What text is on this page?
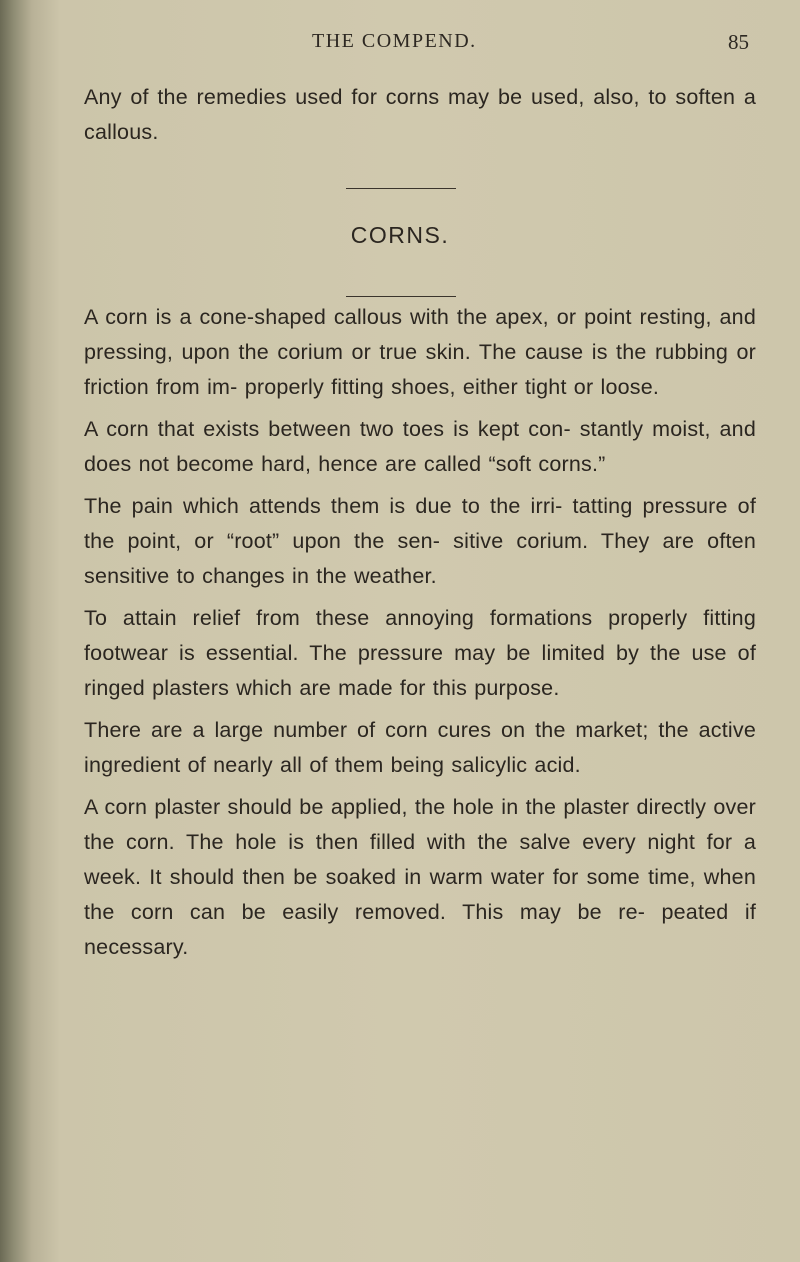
THE COMPEND.	85

Any of the remedies used for corns may be used, also, to soften a callous.

CORNS.

A corn is a cone-shaped callous with the apex, or point resting, and pressing, upon the corium or true skin. The cause is the rubbing or friction from im- properly fitting shoes, either tight or loose.

A corn that exists between two toes is kept con- stantly moist, and does not become hard, hence are called “soft corns.”

The pain which attends them is due to the irri- tatting pressure of the point, or “root” upon the sen- sitive corium. They are often sensitive to changes in the weather.

To attain relief from these annoying formations properly fitting footwear is essential. The pressure may be limited by the use of ringed plasters which are made for this purpose.

There are a large number of corn cures on the market; the active ingredient of nearly all of them being salicylic acid.

A corn plaster should be applied, the hole in the plaster directly over the corn. The hole is then filled with the salve every night for a week. It should then be soaked in warm water for some time, when the corn can be easily removed. This may be re- peated if necessary.
